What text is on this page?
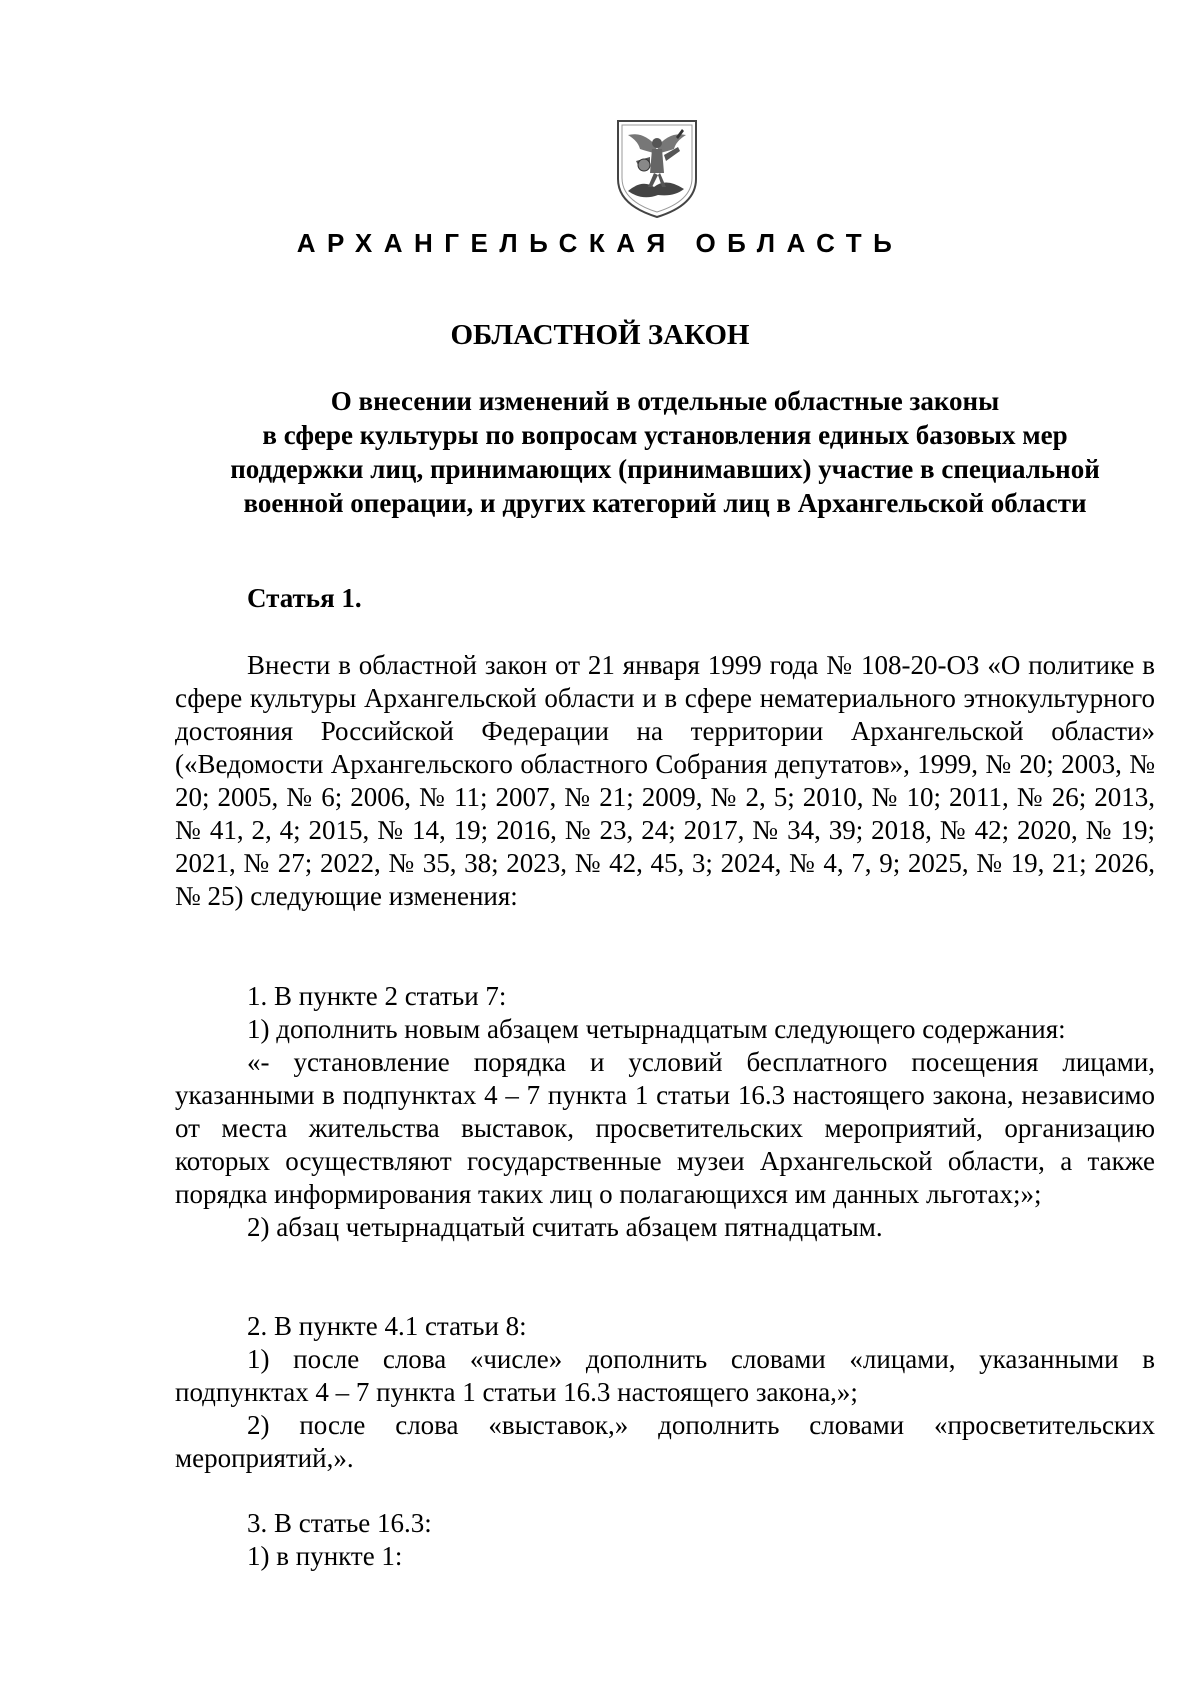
АРХАНГЕЛЬСКАЯ ОБЛАСТЬ
ОБЛАСТНОЙ ЗАКОН
О внесении изменений в отдельные областные законы
в сфере культуры по вопросам установления единых базовых мер
поддержки лиц, принимающих (принимавших) участие в специальной
военной операции, и других категорий лиц в Архангельской области
Статья 1.

Внести в областной закон от 21 января 1999 года № 108-20-ОЗ «О политике в сфере культуры Архангельской области и в сфере нематериального этнокультурного достояния Российской Федерации на территории Архангельской области» («Ведомости Архангельского областного Собрания депутатов», 1999, № 20; 2003, № 20; 2005, № 6; 2006, № 11; 2007, № 21; 2009, № 2, 5; 2010, № 10; 2011, № 26; 2013, № 41, 2, 4; 2015, № 14, 19; 2016, № 23, 24; 2017, № 34, 39; 2018, № 42; 2020, № 19; 2021, № 27; 2022, № 35, 38; 2023, № 42, 45, 3; 2024, № 4, 7, 9; 2025, № 19, 21; 2026, № 25) следующие изменения:

1. В пункте 2 статьи 7:

1) дополнить новым абзацем четырнадцатым следующего содержания:

«- установление порядка и условий бесплатного посещения лицами, указанными в подпунктах 4 – 7 пункта 1 статьи 16.3 настоящего закона, независимо от места жительства выставок, просветительских мероприятий, организацию которых осуществляют государственные музеи Архангельской области, а также порядка информирования таких лиц о полагающихся им данных льготах;»;

2) абзац четырнадцатый считать абзацем пятнадцатым.

2. В пункте 4.1 статьи 8:

1) после слова «числе» дополнить словами «лицами, указанными в подпунктах 4 – 7 пункта 1 статьи 16.3 настоящего закона,»;

2) после слова «выставок,» дополнить словами «просветительских мероприятий,».

3. В статье 16.3:

1) в пункте 1:
